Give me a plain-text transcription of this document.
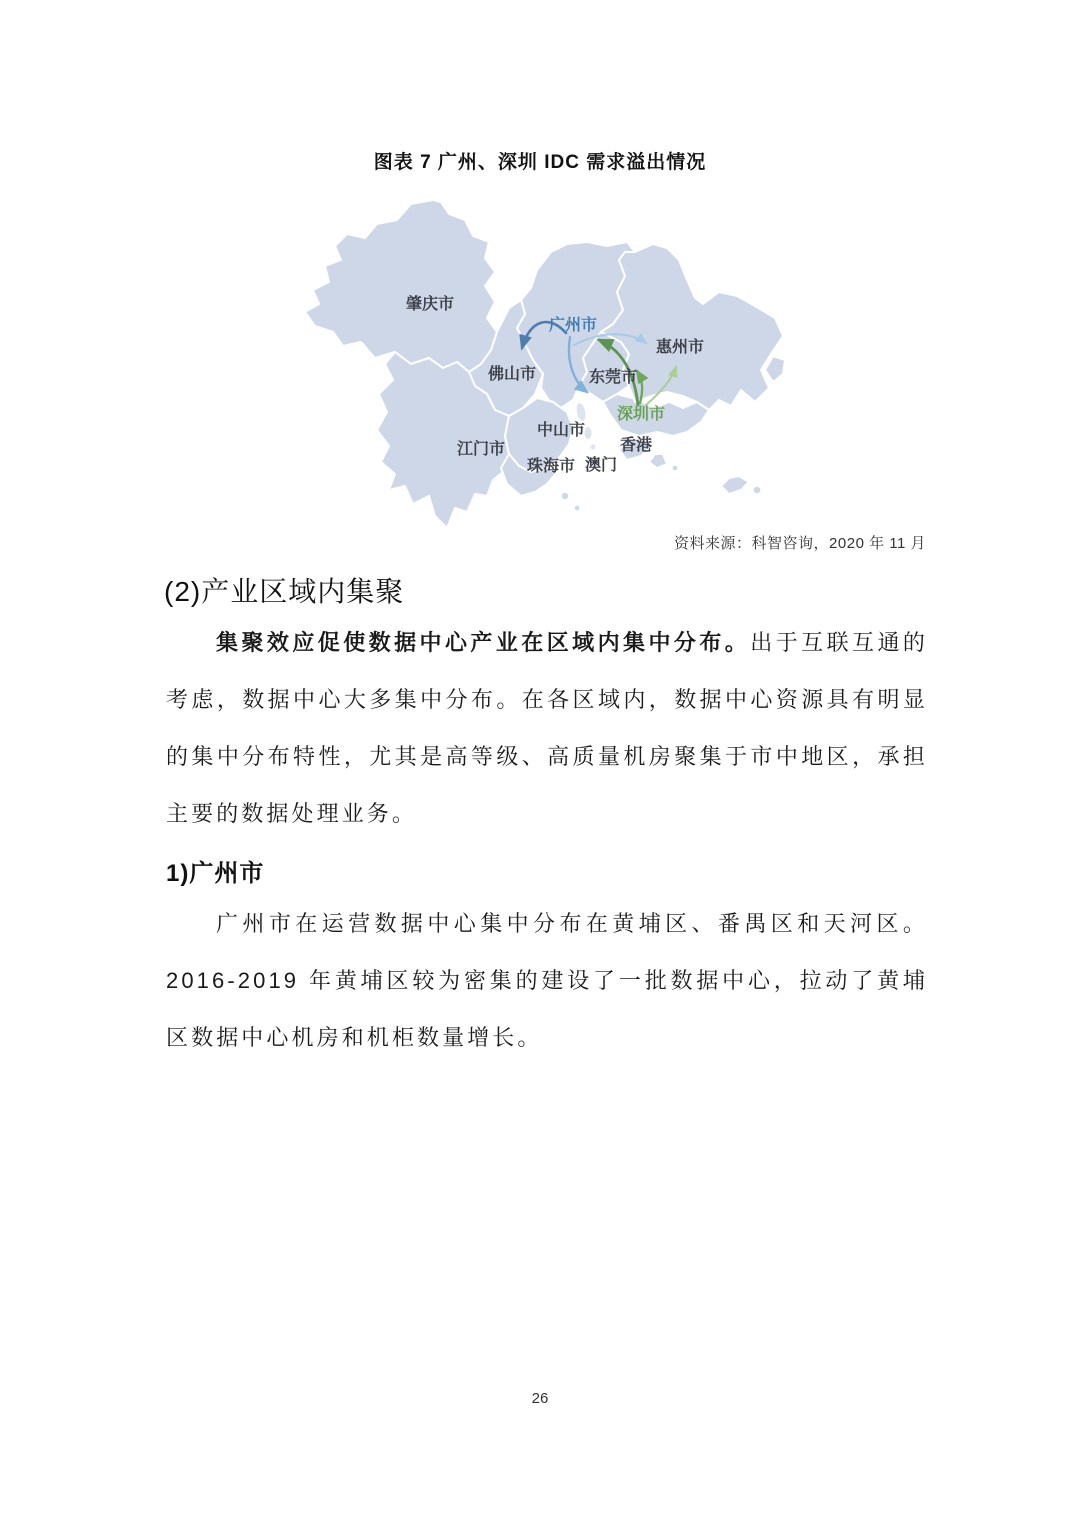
图表 7 广州、深圳 IDC 需求溢出情况
肇庆市
广州市
惠州市
佛山市	东莞市
深圳市
中山市
江门市
珠海市 澳门
香港
资料来源：科智咨询，2020 年 11 月
(2)产业区域内集聚

集聚效应促使数据中心产业在区域内集中分布。出于互联互通的考虑，数据中心大多集中分布。在各区域内，数据中心资源具有明显的集中分布特性，尤其是高等级、高质量机房聚集于市中地区，承担主要的数据处理业务。

1)广州市

广州市在运营数据中心集中分布在黄埔区、番禺区和天河区。2016-2019 年黄埔区较为密集的建设了一批数据中心，拉动了黄埔区数据中心机房和机柜数量增长。

26
